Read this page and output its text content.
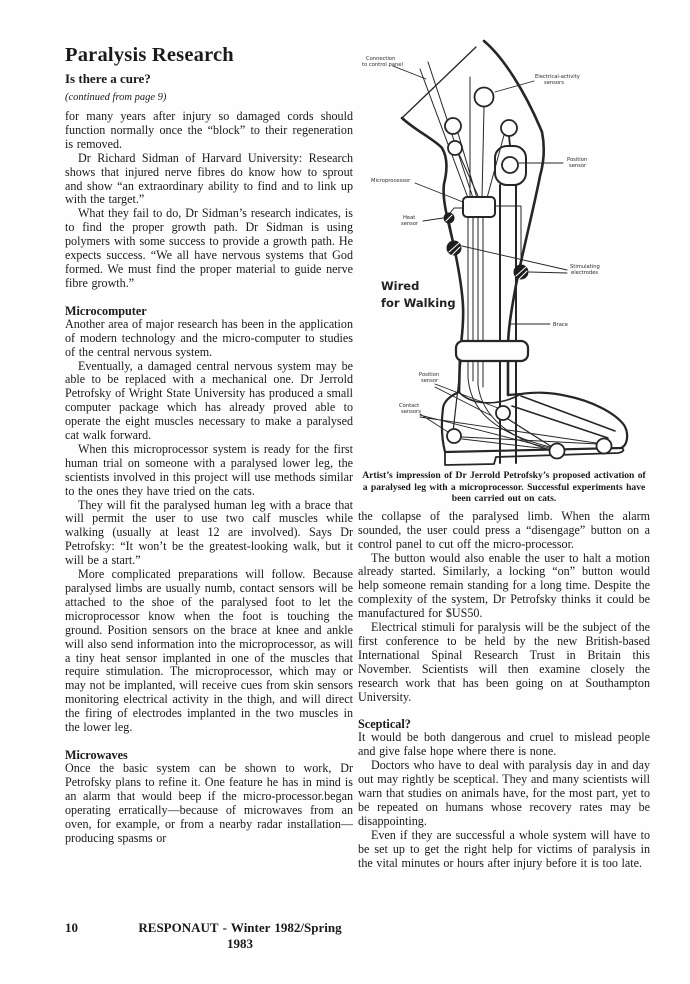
Paralysis Research
Is there a cure?
(continued from page 9)

for many years after injury so damaged cords should function normally once the “block” to their regeneration is removed.

Dr Richard Sidman of Harvard University: Research shows that injured nerve fibres do know how to sprout and show “an extraordinary ability to find and to link up with the target.”

What they fail to do, Dr Sidman’s research indicates, is to find the proper growth path. Dr Sidman is using polymers with some success to provide a growth path. He expects success. “We all have nervous systems that God formed. We must find the proper material to guide nerve fibre growth.”

Microcomputer

Another area of major research has been in the application of modern technology and the micro-computer to studies of the central nervous system.

Eventually, a damaged central nervous system may be able to be replaced with a mechanical one. Dr Jerrold Petrofsky of Wright State University has produced a small computer package which has already proved able to operate the eight muscles necessary to make a paralysed cat walk forward.

When this microprocessor system is ready for the first human trial on someone with a paralysed lower leg, the scientists involved in this project will use methods similar to the ones they have tried on the cats.

They will fit the paralysed human leg with a brace that will permit the user to use two calf muscles while walking (usually at least 12 are involved). Says Dr Petrofsky: “It won’t be the greatest-looking walk, but it will be a start.”

More complicated preparations will follow. Because paralysed limbs are usually numb, contact sensors will be attached to the shoe of the paralysed foot to let the microprocessor know when the foot is touching the ground. Position sensors on the brace at knee and ankle will also send information into the microprocessor, as will a tiny heat sensor implanted in one of the muscles that require stimulation. The microprocessor, which may or may not be implanted, will receive cues from skin sensors monitoring electrical activity in the thigh, and will direct the firing of electrodes implanted in the two muscles in the lower leg.

Microwaves

Once the basic system can be shown to work, Dr Petrofsky plans to refine it. One feature he has in mind is an alarm that would beep if the micro-processor.began operating erratically—because of microwaves from an oven, for example, or from a nearby radar installation—producing spasms or

Connection
to control panel
Electrical-activity
sensors
Position
sensor
Microprocessor
Heat
sensor
Stimulating
electrodes
Wired
for Walking
Brace
Position
sensor
Contact
sensors
Artist’s impression of Dr Jerrold Petrofsky’s proposed activation of a paralysed leg with a microprocessor. Successful experiments have been carried out on cats.

the collapse of the paralysed limb. When the alarm sounded, the user could press a “disengage” button on a control panel to cut off the micro-processor.

The button would also enable the user to halt a motion already started. Similarly, a locking “on” button would help someone remain standing for a long time. Despite the complexity of the system, Dr Petrofsky thinks it could be manufactured for $US50.

Electrical stimuli for paralysis will be the subject of the first conference to be held by the new British-based International Spinal Research Trust in Britain this November. Scientists will then examine closely the research work that has been going on at Southampton University.

Sceptical?

It would be both dangerous and cruel to mislead people and give false hope where there is none.

Doctors who have to deal with paralysis day in and day out may rightly be sceptical. They and many scientists will warn that studies on animals have, for the most part, yet to be repeated on humans whose recovery rates may be disappointing.

Even if they are successful a whole system will have to be set up to get the right help for victims of paralysis in the vital minutes or hours after injury before it is too late.

10	RESPONAUT - Winter 1982/Spring 1983
